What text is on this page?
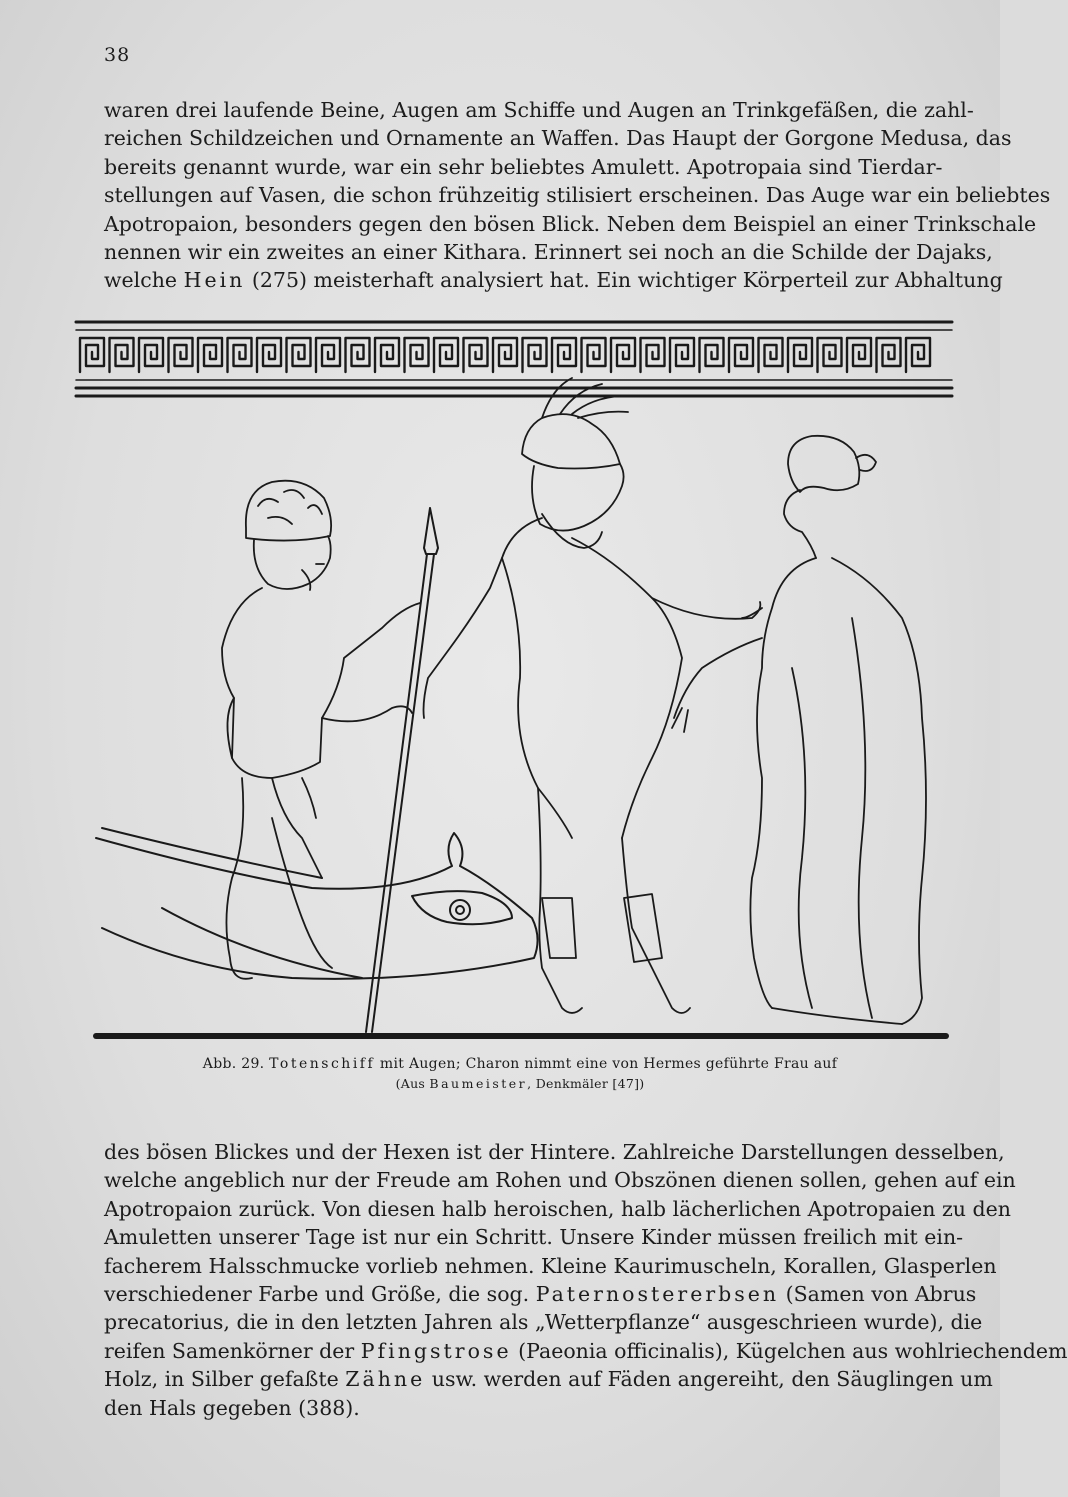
38

waren drei laufende Beine, Augen am Schiffe und Augen an Trinkgefäßen, die zahl-
reichen Schildzeichen und Ornamente an Waffen. Das Haupt der Gorgone Medusa, das
bereits genannt wurde, war ein sehr beliebtes Amulett. Apotropaia sind Tierdar-
stellungen auf Vasen, die schon frühzeitig stilisiert erscheinen. Das Auge war ein beliebtes
Apotropaion, besonders gegen den bösen Blick. Neben dem Beispiel an einer Trinkschale
nennen wir ein zweites an einer Kithara. Erinnert sei noch an die Schilde der Dajaks,
welche Hein (275) meisterhaft analysiert hat. Ein wichtiger Körperteil zur Abhaltung

Abb. 29. Totenschiff mit Augen; Charon nimmt eine von Hermes geführte Frau auf
(Aus Baumeister, Denkmäler [47])

des bösen Blickes und der Hexen ist der Hintere. Zahlreiche Darstellungen desselben,
welche angeblich nur der Freude am Rohen und Obszönen dienen sollen, gehen auf ein
Apotropaion zurück. Von diesen halb heroischen, halb lächerlichen Apotropaien zu den
Amuletten unserer Tage ist nur ein Schritt. Unsere Kinder müssen freilich mit ein-
facherem Halsschmucke vorlieb nehmen. Kleine Kaurimuscheln, Korallen, Glasperlen
verschiedener Farbe und Größe, die sog. Paternostererbsen (Samen von Abrus
precatorius, die in den letzten Jahren als „Wetterpflanze“ ausgeschrieen wurde), die
reifen Samenkörner der Pfingstrose (Paeonia officinalis), Kügelchen aus wohlriechendem
Holz, in Silber gefaßte Zähne usw. werden auf Fäden angereiht, den Säuglingen um
den Hals gegeben (388).
